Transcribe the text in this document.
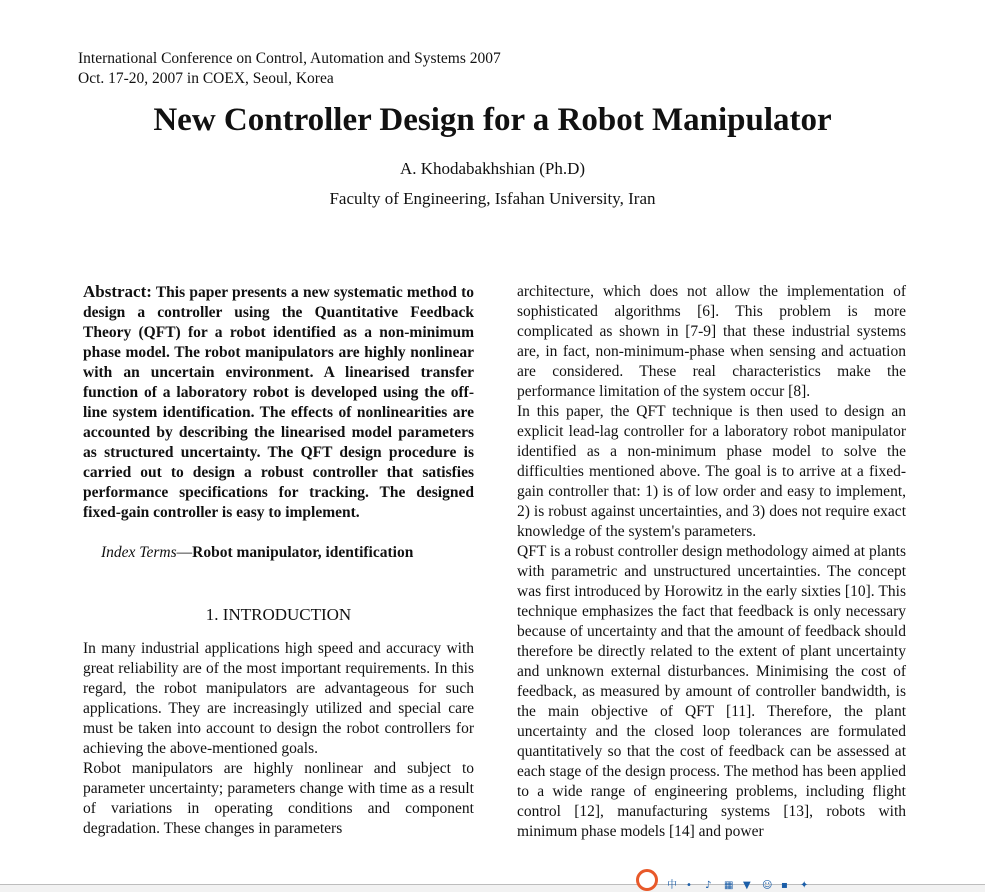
International Conference on Control, Automation and Systems 2007
Oct. 17-20, 2007 in COEX, Seoul, Korea
New Controller Design for a Robot Manipulator
A. Khodabakhshian (Ph.D)
Faculty of Engineering, Isfahan University, Iran

Abstract: This paper presents a new systematic method to design a controller using the Quantitative Feedback Theory (QFT) for a robot identified as a non-minimum phase model. The robot manipulators are highly nonlinear with an uncertain environment. A linearised transfer function of a laboratory robot is developed using the off-line system identification. The effects of nonlinearities are accounted by describing the linearised model parameters as structured uncertainty. The QFT design procedure is carried out to design a robust controller that satisfies performance specifications for tracking. The designed fixed-gain controller is easy to implement.

Index Terms—Robot manipulator, identification

1. INTRODUCTION

In many industrial applications high speed and accuracy with great reliability are of the most important requirements. In this regard, the robot manipulators are advantageous for such applications. They are increasingly utilized and special care must be taken into account to design the robot controllers for achieving the above-mentioned goals.

Robot manipulators are highly nonlinear and subject to parameter uncertainty; parameters change with time as a result of variations in operating conditions and component degradation. These changes in parameters

architecture, which does not allow the implementation of sophisticated algorithms [6]. This problem is more complicated as shown in [7-9] that these industrial systems are, in fact, non-minimum-phase when sensing and actuation are considered. These real characteristics make the performance limitation of the system occur [8].

In this paper, the QFT technique is then used to design an explicit lead-lag controller for a laboratory robot manipulator identified as a non-minimum phase model to solve the difficulties mentioned above. The goal is to arrive at a fixed-gain controller that: 1) is of low order and easy to implement, 2) is robust against uncertainties, and 3) does not require exact knowledge of the system's parameters.

QFT is a robust controller design methodology aimed at plants with parametric and unstructured uncertainties. The concept was first introduced by Horowitz in the early sixties [10]. This technique emphasizes the fact that feedback is only necessary because of uncertainty and that the amount of feedback should therefore be directly related to the extent of plant uncertainty and unknown external disturbances. Minimising the cost of feedback, as measured by amount of controller bandwidth, is the main objective of QFT [11]. Therefore, the plant uncertainty and the closed loop tolerances are formulated quantitatively so that the cost of feedback can be assessed at each stage of the design process. The method has been applied to a wide range of engineering problems, including flight control [12], manufacturing systems [13], robots with minimum phase models [14] and power

中 •	♪	▦ ▼ ☺ ▪	✦
